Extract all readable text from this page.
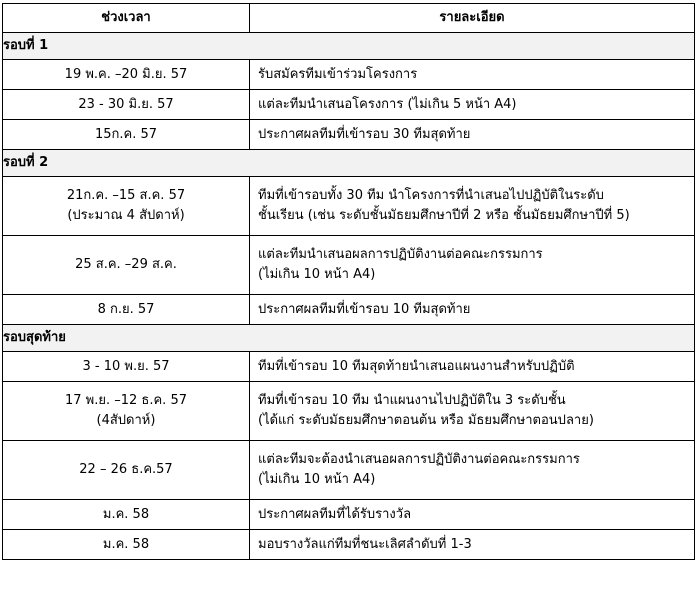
ช่วงเวลา	รายละเอียด
รอบที่ 1	

19 พ.ค. –20 มิ.ย. 57	รับสมัครทีมเข้าร่วมโครงการ

23 - 30 มิ.ย. 57	แต่ละทีมนำเสนอโครงการ (ไม่เกิน 5 หน้า A4)

15ก.ค. 57	ประกาศผลทีมที่เข้ารอบ 30 ทีมสุดท้าย

รอบที่ 2	

21ก.ค. –15 ส.ค. 57
(ประมาณ 4 สัปดาห์)	ทีมที่เข้ารอบทั้ง 30 ทีม นำโครงการที่นำเสนอไปปฏิบัติในระดับ
ชั้นเรียน (เช่น ระดับชั้นมัธยมศึกษาปีที่ 2 หรือ ชั้นมัธยมศึกษาปีที่ 5)

25 ส.ค. –29 ส.ค.	แต่ละทีมนำเสนอผลการปฏิบัติงานต่อคณะกรรมการ
(ไม่เกิน 10 หน้า A4)

8 ก.ย. 57	ประกาศผลทีมที่เข้ารอบ 10 ทีมสุดท้าย

รอบสุดท้าย	

3 - 10 พ.ย. 57	ทีมที่เข้ารอบ 10 ทีมสุดท้ายนำเสนอแผนงานสำหรับปฏิบัติ

17 พ.ย. –12 ธ.ค. 57
(4สัปดาห์)	ทีมที่เข้ารอบ 10 ทีม นำแผนงานไปปฏิบัติใน 3 ระดับชั้น
(ได้แก่ ระดับมัธยมศึกษาตอนต้น หรือ มัธยมศึกษาตอนปลาย)

22 – 26 ธ.ค.57	แต่ละทีมจะต้องนำเสนอผลการปฏิบัติงานต่อคณะกรรมการ
(ไม่เกิน 10 หน้า A4)

ม.ค. 58	ประกาศผลทีมที่ได้รับรางวัล

ม.ค. 58	มอบรางวัลแก่ทีมที่ชนะเลิศลำดับที่ 1-3
